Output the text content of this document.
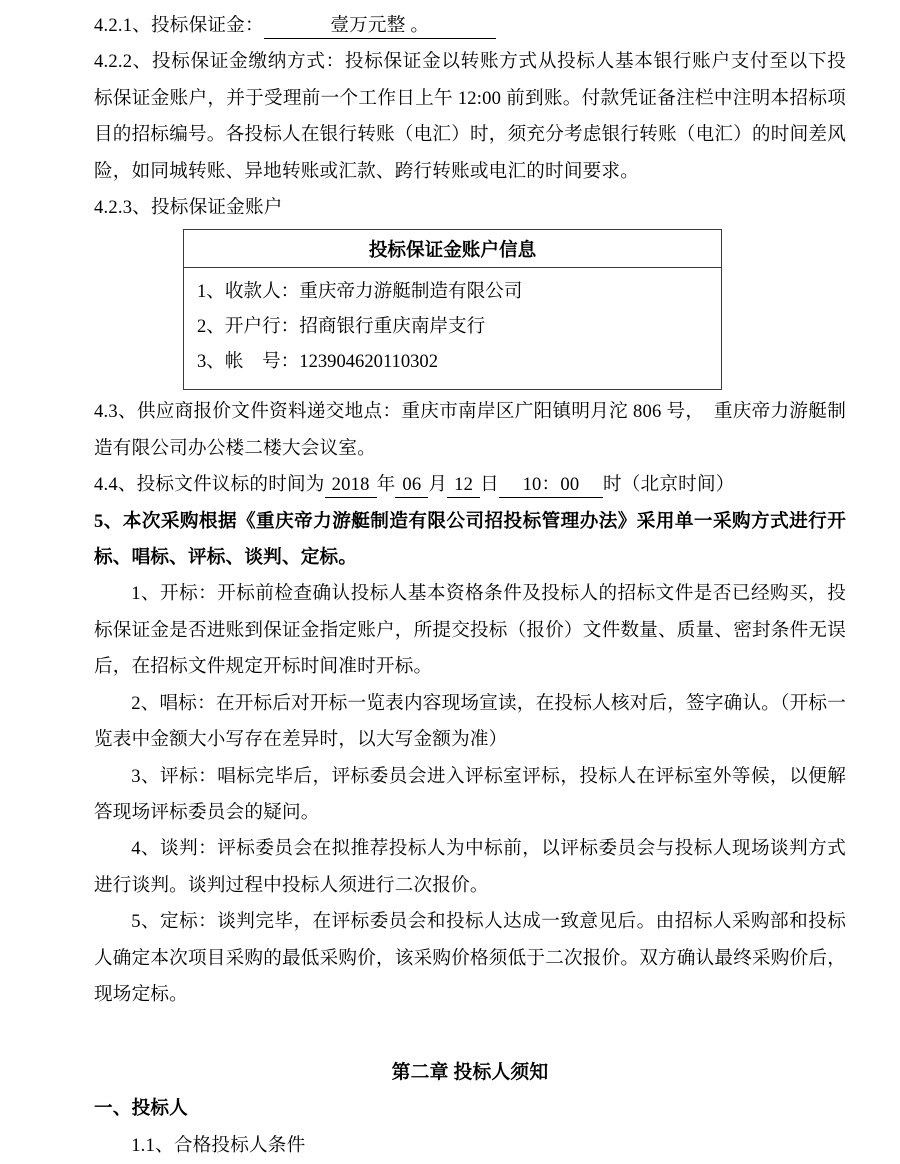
4.2.1、投标保证金：	壹万元整 。

4.2.2、投标保证金缴纳方式：投标保证金以转账方式从投标人基本银行账户支付至以下投标保证金账户，并于受理前一个工作日上午 12:00 前到账。付款凭证备注栏中注明本招标项目的招标编号。各投标人在银行转账（电汇）时，须充分考虑银行转账（电汇）的时间差风险，如同城转账、异地转账或汇款、跨行转账或电汇的时间要求。

4.2.3、投标保证金账户

投标保证金账户信息

1、收款人：重庆帝力游艇制造有限公司
2、开户行：招商银行重庆南岸支行
3、帐　号：123904620110302

4.3、供应商报价文件资料递交地点：重庆市南岸区广阳镇明月沱 806 号，　重庆帝力游艇制造有限公司办公楼二楼大会议室。

4.4、投标文件议标的时间为 2018 年 06 月 12 日 10：00 时（北京时间）

5、本次采购根据《重庆帝力游艇制造有限公司招投标管理办法》采用单一采购方式进行开标、唱标、评标、谈判、定标。

1、开标：开标前检查确认投标人基本资格条件及投标人的招标文件是否已经购买，投标保证金是否进账到保证金指定账户，所提交投标（报价）文件数量、质量、密封条件无误后，在招标文件规定开标时间准时开标。

2、唱标：在开标后对开标一览表内容现场宣读，在投标人核对后，签字确认。（开标一览表中金额大小写存在差异时，以大写金额为准）

3、评标：唱标完毕后，评标委员会进入评标室评标，投标人在评标室外等候，以便解答现场评标委员会的疑问。

4、谈判：评标委员会在拟推荐投标人为中标前，以评标委员会与投标人现场谈判方式进行谈判。谈判过程中投标人须进行二次报价。

5、定标：谈判完毕，在评标委员会和投标人达成一致意见后。由招标人采购部和投标人确定本次项目采购的最低采购价，该采购价格须低于二次报价。双方确认最终采购价后，现场定标。

第二章 投标人须知

一、投标人

1.1、合格投标人条件
